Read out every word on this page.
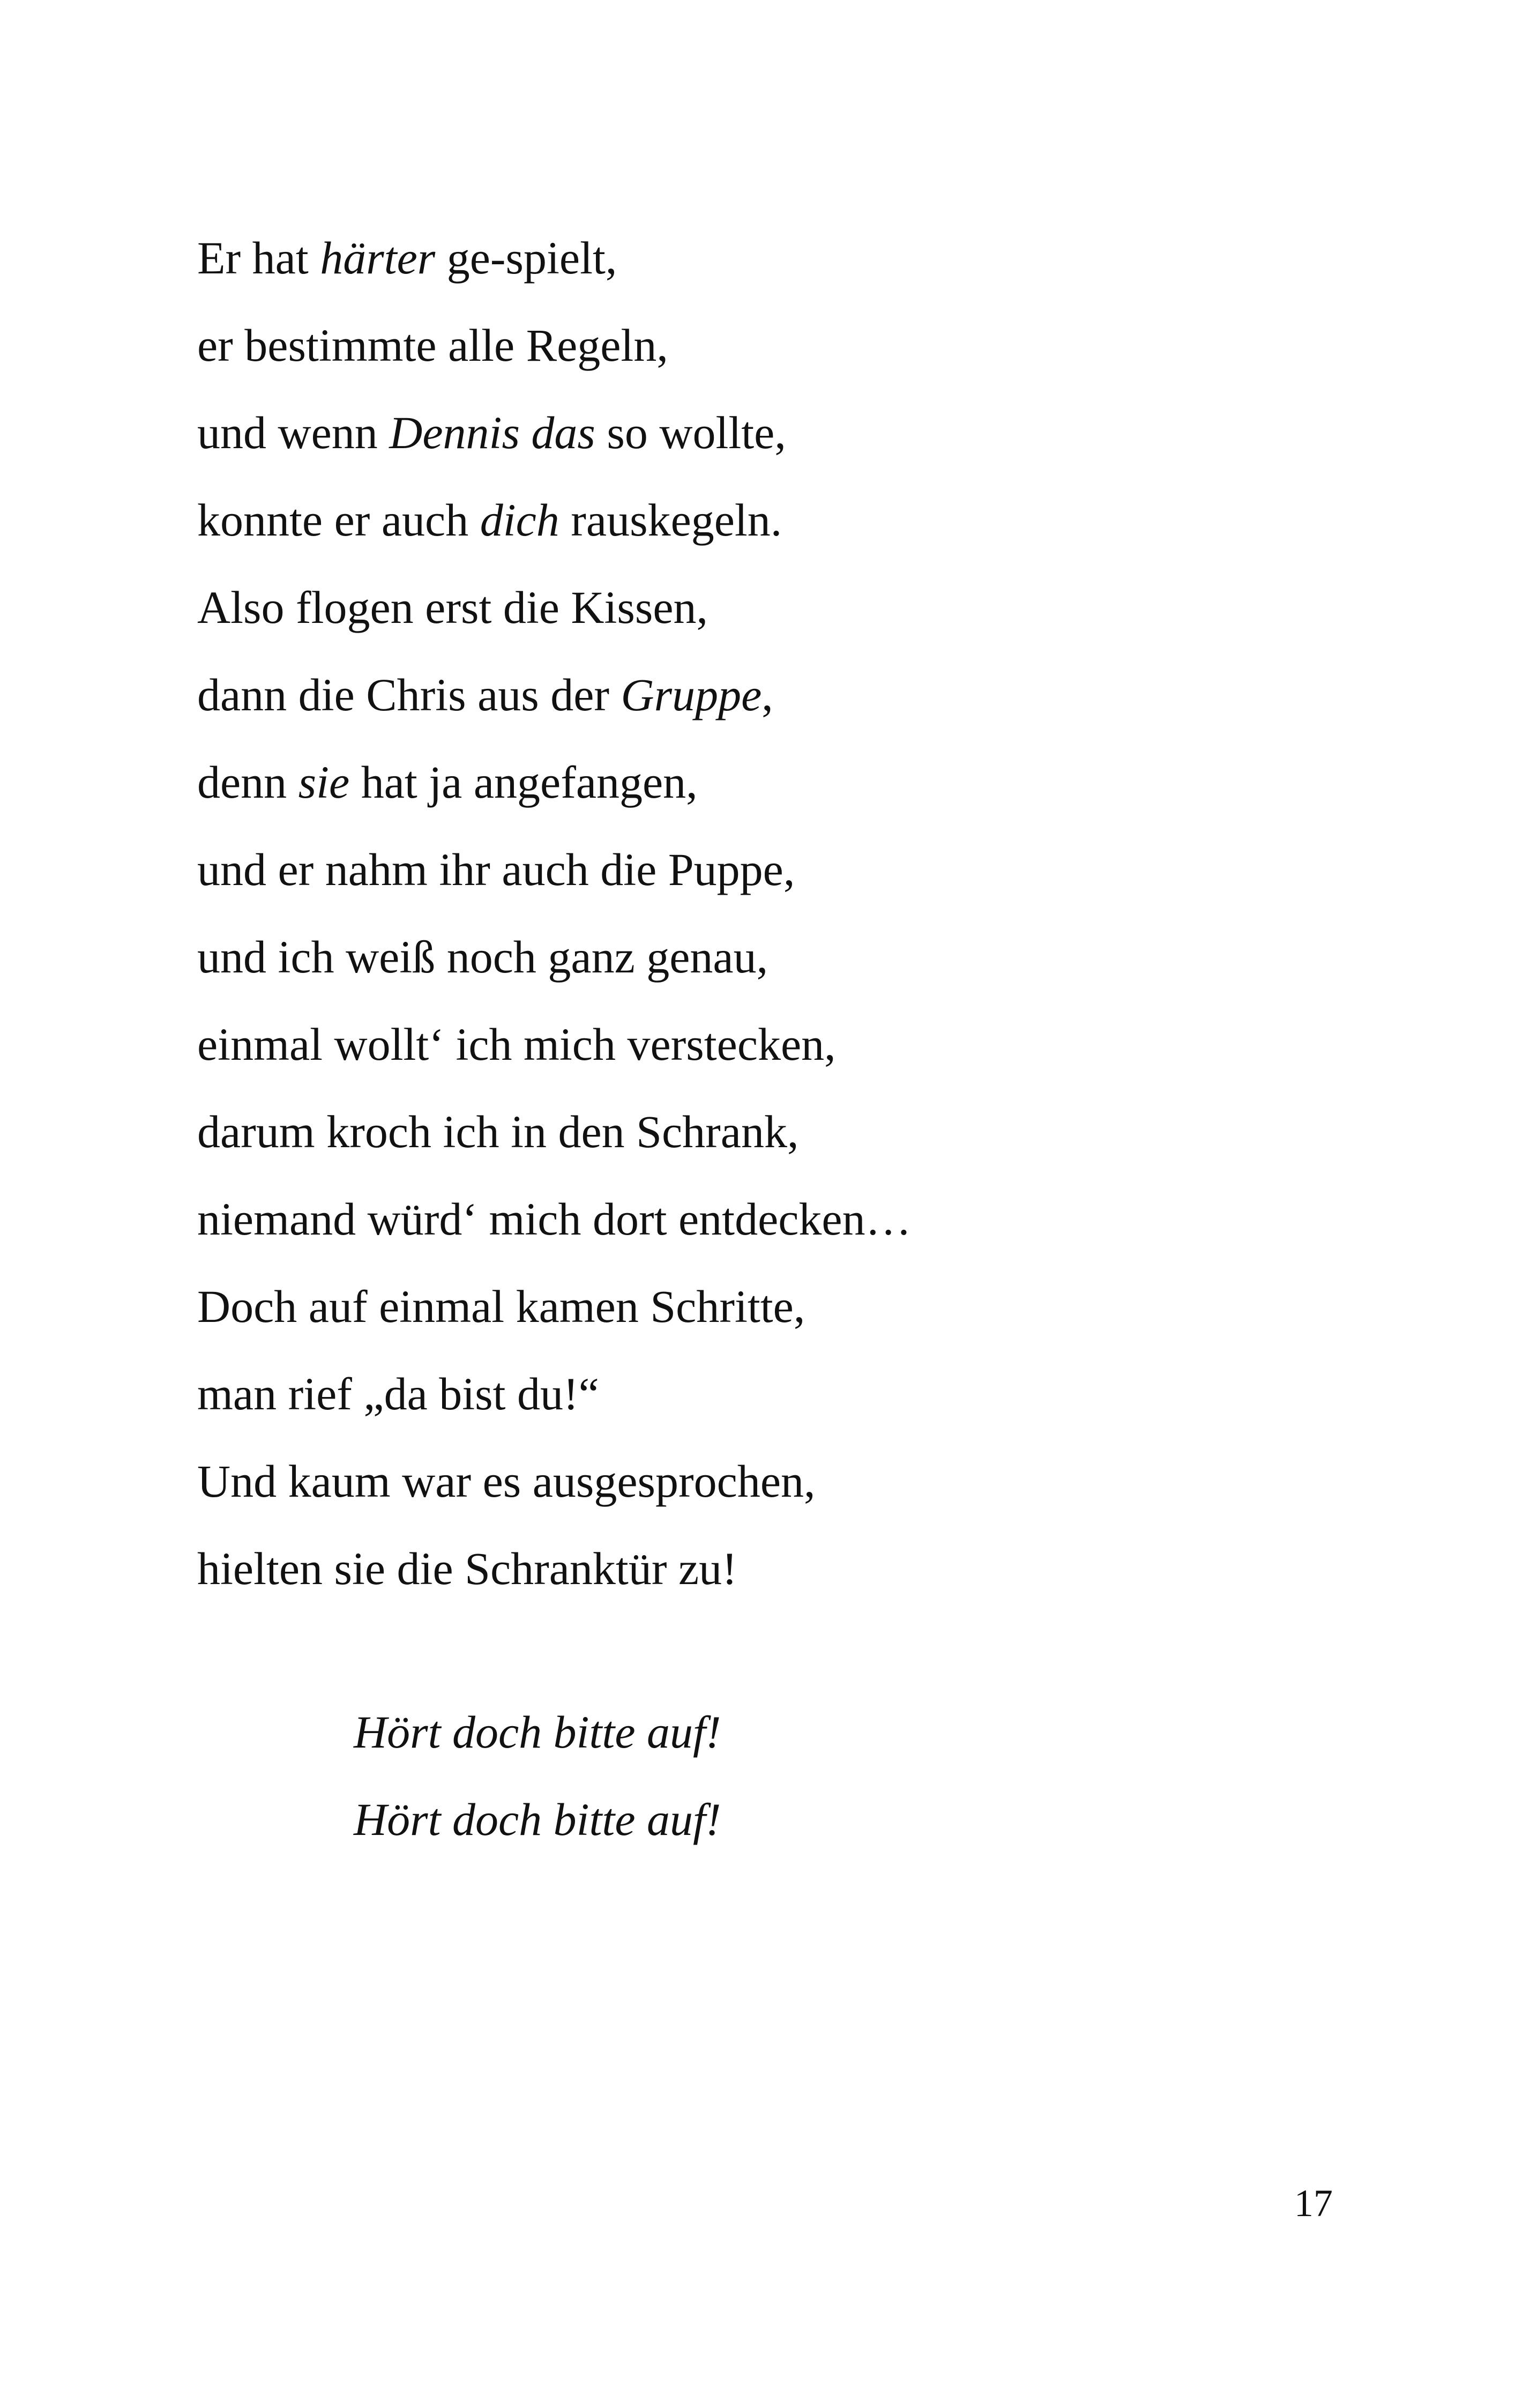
Er hat härter ge-spielt,
er bestimmte alle Regeln,
und wenn Dennis das so wollte,
konnte er auch dich rauskegeln.
Also flogen erst die Kissen,
dann die Chris aus der Gruppe,
denn sie hat ja angefangen,
und er nahm ihr auch die Puppe,
und ich weiß noch ganz genau,
einmal wollt‘ ich mich verstecken,
darum kroch ich in den Schrank,
niemand würd‘ mich dort entdecken…
Doch auf einmal kamen Schritte,
man rief „da bist du!“
Und kaum war es ausgesprochen,
hielten sie die Schranktür zu!
Hört doch bitte auf!
Hört doch bitte auf!
17
